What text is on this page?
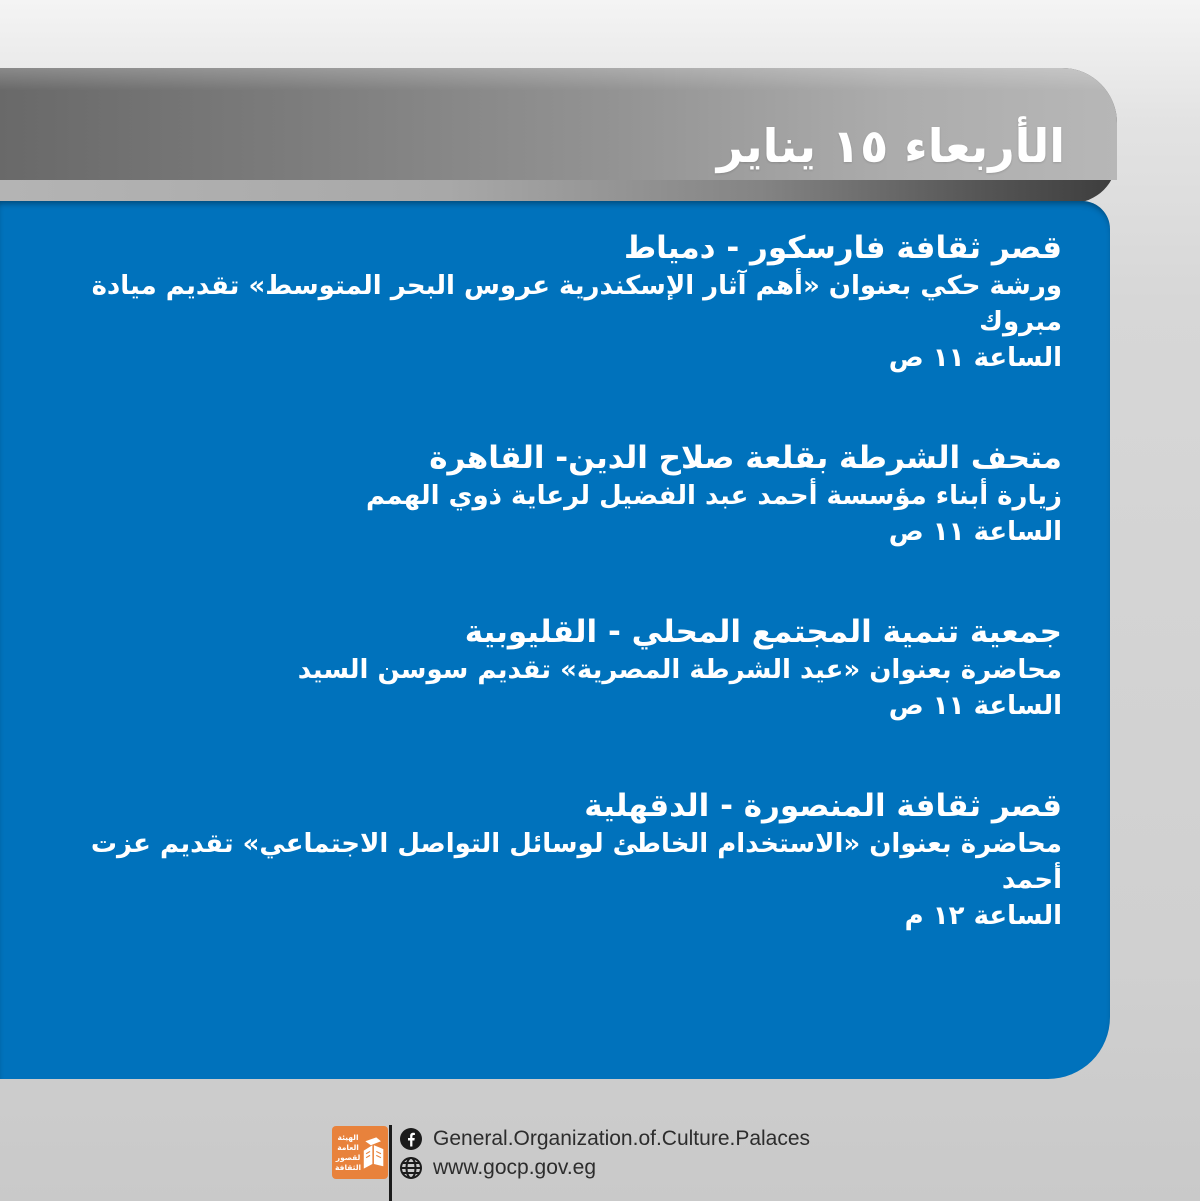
الأربعاء ١٥ يناير
قصر ثقافة فارسكور - دمياط
ورشة حكي بعنوان «أهم آثار الإسكندرية عروس البحر المتوسط» تقديم ميادة مبروك
الساعة ١١ ص
متحف الشرطة بقلعة صلاح الدين- القاهرة
زيارة أبناء مؤسسة أحمد عبد الفضيل لرعاية ذوي الهمم
الساعة ١١ ص
جمعية تنمية المجتمع المحلي - القليوبية
محاضرة بعنوان «عيد الشرطة المصرية» تقديم سوسن السيد
الساعة ١١ ص
قصر ثقافة المنصورة - الدقهلية
محاضرة بعنوان «الاستخدام الخاطئ لوسائل التواصل الاجتماعي» تقديم عزت أحمد
الساعة ١٢ م
الهيئة
العامة
لقصور
الثقافة
General.Organization.of.Culture.Palaces
www.gocp.gov.eg
